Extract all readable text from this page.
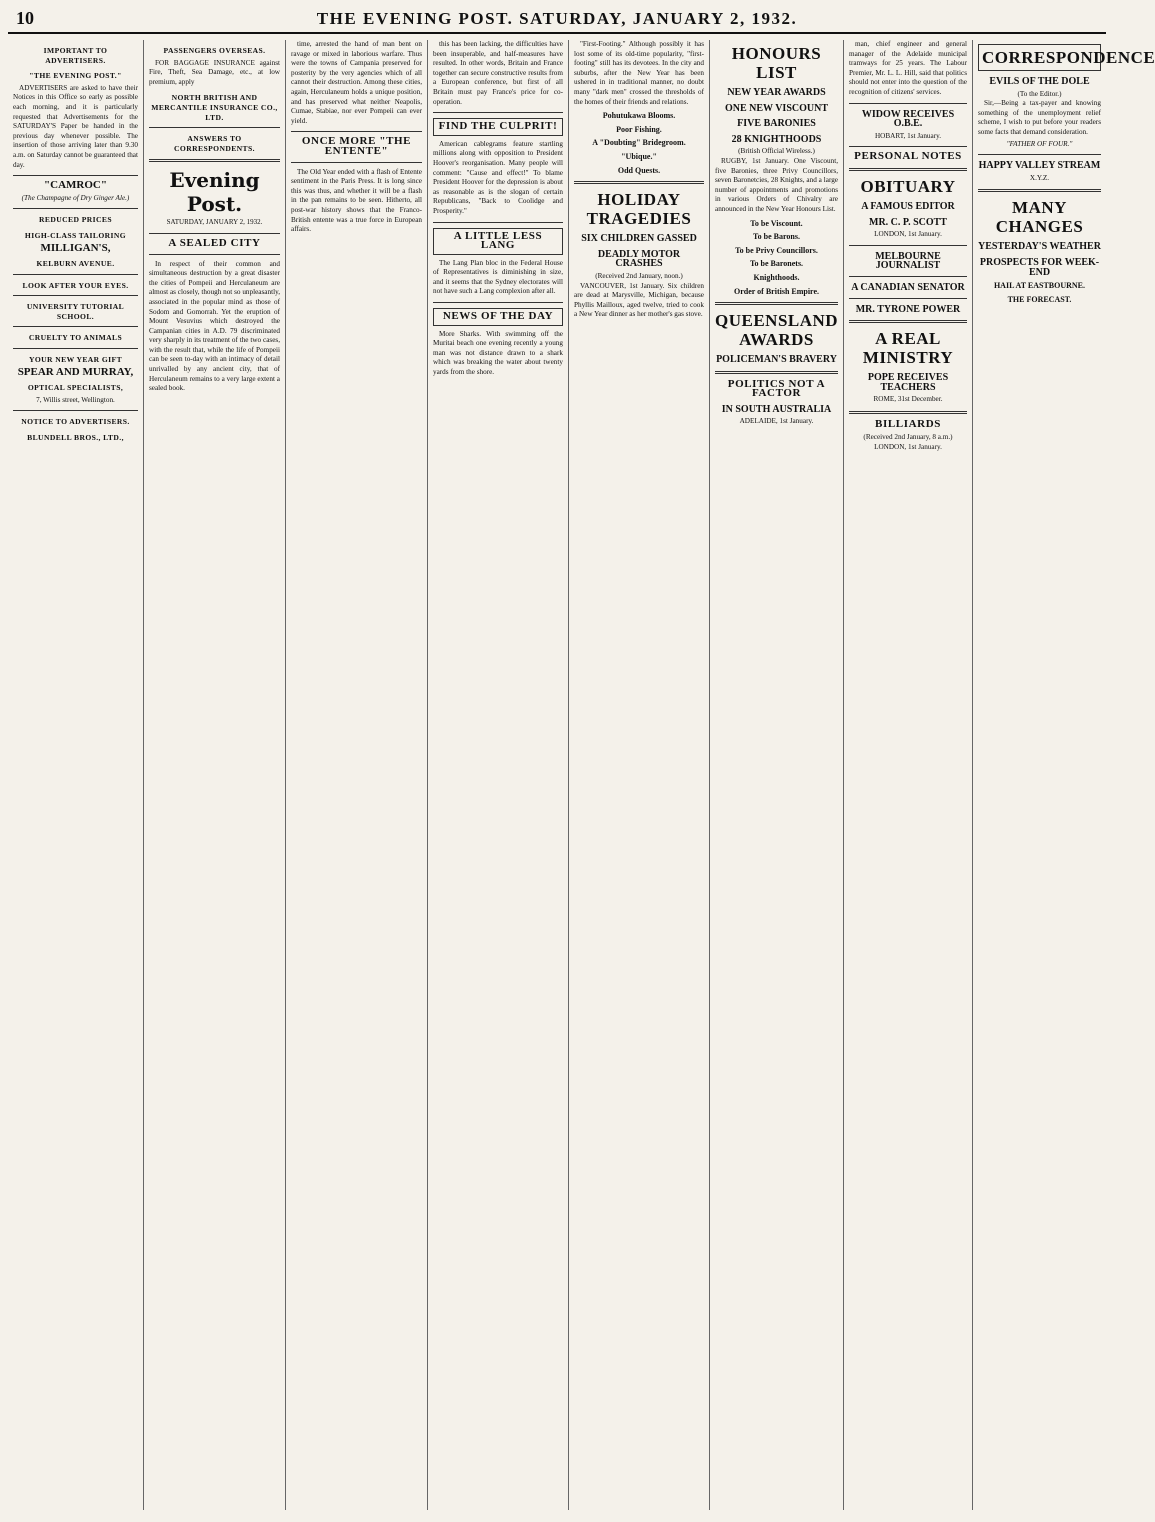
10	THE EVENING POST. SATURDAY, JANUARY 2, 1932.
IMPORTANT TO ADVERTISERS.
"THE EVENING POST."

ADVERTISERS are asked to have their Notices in this Office so early as possible each morning, and it is particularly requested that Advertisements for the SATURDAY'S Paper be handed in the previous day whenever possible. The insertion of those arriving later than 9.30 a.m. on Saturday cannot be guaranteed that day.

"CAMROC"
(The Champagne of Dry Ginger Ale.)
REDUCED PRICES
HIGH-CLASS TAILORING
MILLIGAN'S,
KELBURN AVENUE.
LOOK AFTER YOUR EYES.
UNIVERSITY TUTORIAL SCHOOL.
CRUELTY TO ANIMALS
YOUR NEW YEAR GIFT
SPEAR AND MURRAY,
OPTICAL SPECIALISTS,
7, Willis street, Wellington.
NOTICE TO ADVERTISERS.
BLUNDELL BROS., LTD.,
PASSENGERS OVERSEAS.

FOR BAGGAGE INSURANCE against Fire, Theft, Sea Damage, etc., at low premium, apply

NORTH BRITISH AND MERCANTILE INSURANCE CO., LTD.
ANSWERS TO CORRESPONDENTS.
Evening Post.
SATURDAY, JANUARY 2, 1932.
A SEALED CITY

In respect of their common and simultaneous destruction by a great disaster the cities of Pompeii and Herculaneum are almost as closely, though not so unpleasantly, associated in the popular mind as those of Sodom and Gomorrah. Yet the eruption of Mount Vesuvius which destroyed the Campanian cities in A.D. 79 discriminated very sharply in its treatment of the two cases, with the result that, while the life of Pompeii can be seen to-day with an intimacy of detail unrivalled by any ancient city, that of Herculaneum remains to a very large extent a sealed book.

time, arrested the hand of man bent on ravage or mixed in laborious warfare. Thus were the towns of Campania preserved for posterity by the very agencies which of all cannot their destruction. Among these cities, again, Herculaneum holds a unique position, and has preserved what neither Neapolis, Cumae, Stabiae, nor ever Pompeii can ever yield.

ONCE MORE "THE ENTENTE"

The Old Year ended with a flash of Entente sentiment in the Paris Press. It is long since this was thus, and whether it will be a flash in the pan remains to be seen. Hitherto, all post-war history shows that the Franco-British entente was a true force in European affairs.

this has been lacking, the difficulties have been insuperable, and half-measures have resulted. In other words, Britain and France together can secure constructive results from a European conference, but first of all Britain must pay France's price for co-operation.

FIND THE CULPRIT!

American cablegrams feature startling millions along with opposition to President Hoover's reorganisation. Many people will comment: "Cause and effect!" To blame President Hoover for the depression is about as reasonable as is the slogan of certain Republicans, "Back to Coolidge and Prosperity."

A LITTLE LESS LANG

The Lang Plan bloc in the Federal House of Representatives is diminishing in size, and it seems that the Sydney electorates will not have such a Lang complexion after all.

NEWS OF THE DAY

More Sharks. With swimming off the Muritai beach one evening recently a young man was not distance drawn to a shark which was breaking the water about twenty yards from the shore.

"First-Footing." Although possibly it has lost some of its old-time popularity, "first-footing" still has its devotees. In the city and suburbs, after the New Year has been ushered in in traditional manner, no doubt many "dark men" crossed the thresholds of the homes of their friends and relations.

Pohutukawa Blooms.
Poor Fishing.
A "Doubting" Bridegroom.
"Ubique."
Odd Quests.
HOLIDAY TRAGEDIES
SIX CHILDREN GASSED
DEADLY MOTOR CRASHES
(Received 2nd January, noon.)

VANCOUVER, 1st January. Six children are dead at Marysville, Michigan, because Phyllis Mailloux, aged twelve, tried to cook a New Year dinner as her mother's gas stove.

HONOURS LIST
NEW YEAR AWARDS
ONE NEW VISCOUNT
FIVE BARONIES
28 KNIGHTHOODS
(British Official Wireless.)

RUGBY, 1st January. One Viscount, five Baronies, three Privy Councillors, seven Baronetcies, 28 Knights, and a large number of appointments and promotions in various Orders of Chivalry are announced in the New Year Honours List.

To be Viscount.
To be Barons.
To be Privy Councillors.
To be Baronets.
Knighthoods.
Order of British Empire.
QUEENSLAND AWARDS
POLICEMAN'S BRAVERY
POLITICS NOT A FACTOR
IN SOUTH AUSTRALIA
ADELAIDE, 1st January.

man, chief engineer and general manager of the Adelaide municipal tramways for 25 years. The Labour Premier, Mr. L. L. Hill, said that politics should not enter into the question of the recognition of citizens' services.

WIDOW RECEIVES O.B.E.
HOBART, 1st January.
PERSONAL NOTES
OBITUARY
A FAMOUS EDITOR
MR. C. P. SCOTT
LONDON, 1st January.
MELBOURNE JOURNALIST
A CANADIAN SENATOR
MR. TYRONE POWER
A REAL MINISTRY
POPE RECEIVES TEACHERS
ROME, 31st December.
BILLIARDS
(Received 2nd January, 8 a.m.) LONDON, 1st January.
CORRESPONDENCE
EVILS OF THE DOLE
(To the Editor.)

Sir,—Being a tax-payer and knowing something of the unemployment relief scheme, I wish to put before your readers some facts that demand consideration.

"FATHER OF FOUR."
HAPPY VALLEY STREAM
X.Y.Z.
MANY CHANGES
YESTERDAY'S WEATHER
PROSPECTS FOR WEEK-END
HAIL AT EASTBOURNE.
THE FORECAST.
